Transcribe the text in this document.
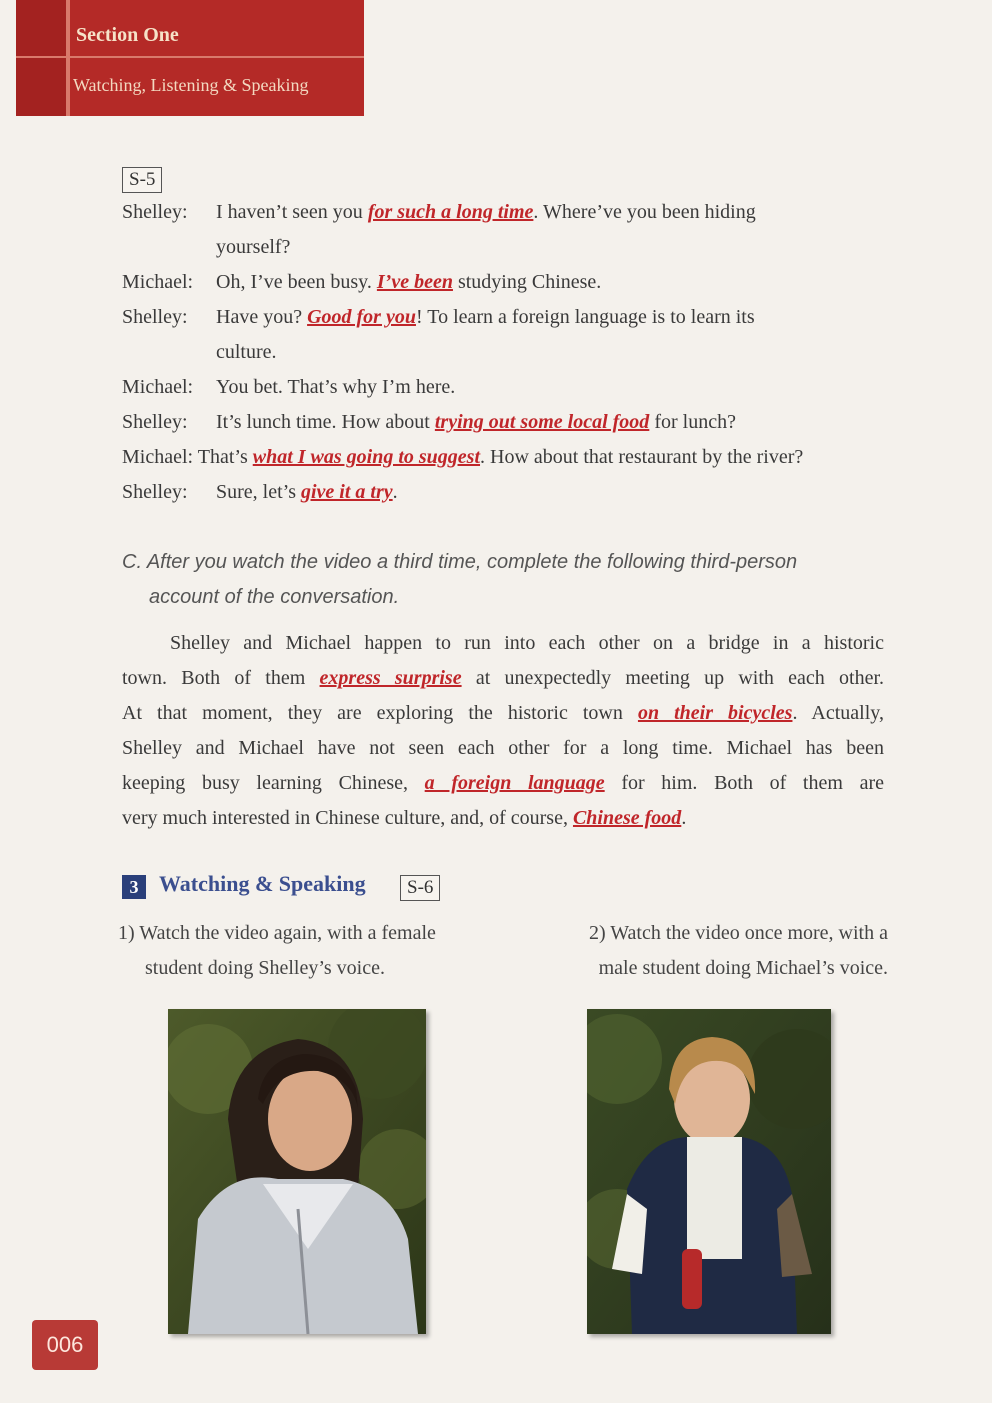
Section One
Watching, Listening & Speaking
S-5
Shelley: I haven’t seen you for such a long time. Where’ve you been hiding
yourself?
Michael: Oh, I’ve been busy. I’ve been studying Chinese.
Shelley: Have you? Good for you! To learn a foreign language is to learn its
culture.
Michael: You bet. That’s why I’m here.
Shelley: It’s lunch time. How about trying out some local food for lunch?
Michael: That’s what I was going to suggest. How about that restaurant by the river?
Shelley: Sure, let’s give it a try.
C. After you watch the video a third time, complete the following third-person
account of the conversation.
Shelley and Michael happen to run into each other on a bridge in a historic
town. Both of them express surprise at unexpectedly meeting up with each other.
At that moment, they are exploring the historic town on their bicycles. Actually,
Shelley and Michael have not seen each other for a long time. Michael has been
keeping busy learning Chinese, a foreign language for him. Both of them are
very much interested in Chinese culture, and, of course, Chinese food.
3 Watching & Speaking	S-6
1) Watch the video again, with a female
student doing Shelley’s voice.
2) Watch the video once more, with a
male student doing Michael’s voice.
006
